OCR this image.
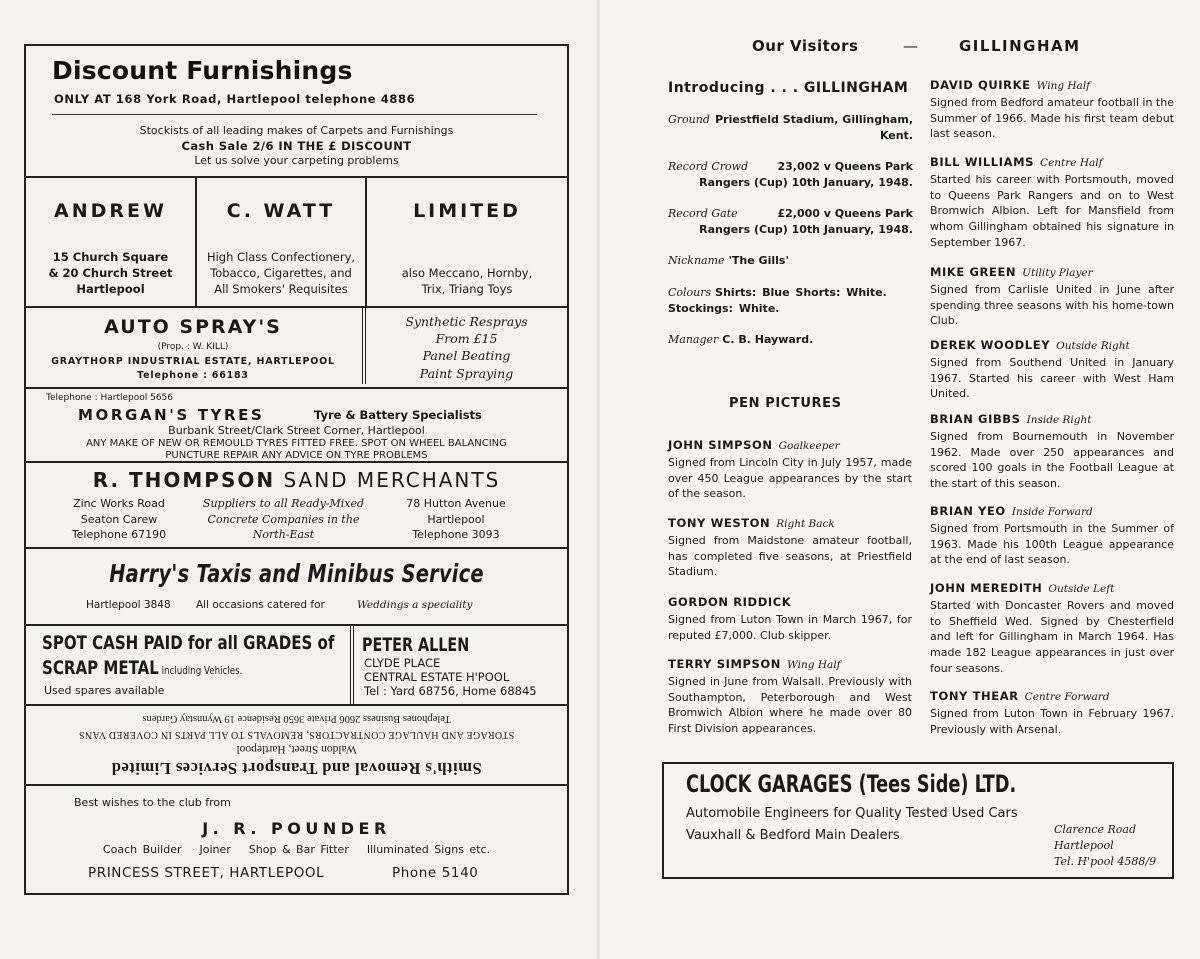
Discount Furnishings
ONLY AT 168 York Road, Hartlepool telephone 4886
Stockists of all leading makes of Carpets and Furnishings
Cash Sale 2/6 IN THE £ DISCOUNT
Let us solve your carpeting problems
ANDREW
15 Church Square
& 20 Church Street
Hartlepool
C. WATT
High Class Confectionery,
Tobacco, Cigarettes, and
All Smokers' Requisites
LIMITED
also Meccano, Hornby,
Trix, Triang Toys
AUTO SPRAY'S
(Prop. : W. KILL)
GRAYTHORP INDUSTRIAL ESTATE, HARTLEPOOL
Telephone : 66183
Synthetic Resprays
From £15
Panel Beating
Paint Spraying
Telephone : Hartlepool 5656
MORGAN'S TYRES	Tyre & Battery Specialists
Burbank Street/Clark Street Corner, Hartlepool
ANY MAKE OF NEW OR REMOULD TYRES FITTED FREE. SPOT ON WHEEL BALANCING
PUNCTURE REPAIR ANY ADVICE ON TYRE PROBLEMS
R. THOMPSON SAND MERCHANTS
Zinc Works Road
Seaton Carew
Telephone 67190
Suppliers to all Ready-Mixed
Concrete Companies in the
North-East
78 Hutton Avenue
Hartlepool
Telephone 3093
Harry's Taxis and Minibus Service
Hartlepool 3848 All occasions catered for	Weddings a speciality
SPOT CASH PAID for all GRADES of
SCRAP METAL including Vehicles.
Used spares available
PETER ALLEN
CLYDE PLACE
CENTRAL ESTATE H'POOL
Tel : Yard 68756, Home 68845
Smith's Removal and Transport Services Limited
Waldon Street, Hartlepool
STORAGE AND HAULAGE CONTRACTORS, REMOVALS TO ALL PARTS IN COVERED VANS
Telephones Business 2606 Private 3650 Residence 19 Wynnstay Gardens
Best wishes to the club from
J. R. POUNDER
Coach Builder Joiner Shop & Bar Fitter Illuminated Signs etc.
PRINCESS STREET, HARTLEPOOL	Phone 5140
Our Visitors	—	GILLINGHAM
Introducing . . . GILLINGHAM
Ground Priestfield Stadium, Gillingham, Kent.
Record Crowd	23,002 v Queens Park Rangers (Cup) 10th January, 1948.
Record Gate	£2,000 v Queens Park Rangers (Cup) 10th January, 1948.
Nickname 'The Gills'
Colours Shirts: Blue Shorts: White. Stockings: White.
Manager C. B. Hayward.
PEN PICTURES
JOHN SIMPSON Goalkeeper
Signed from Lincoln City in July 1957, made over 450 League appearances by the start of the season.
TONY WESTON Right Back
Signed from Maidstone amateur football, has completed five seasons, at Priestfield Stadium.
GORDON RIDDICK
Signed from Luton Town in March 1967, for reputed £7,000. Club skipper.
TERRY SIMPSON Wing Half
Signed in June from Walsall. Previously with Southampton, Peterborough and West Bromwich Albion where he made over 80 First Division appearances.
DAVID QUIRKE Wing Half
Signed from Bedford amateur football in the Summer of 1966. Made his first team debut last season.
BILL WILLIAMS Centre Half
Started his career with Portsmouth, moved to Queens Park Rangers and on to West Bromwich Albion. Left for Mansfield from whom Gillingham obtained his signature in September 1967.
MIKE GREEN Utility Player
Signed from Carlisle United in June after spending three seasons with his home-town Club.
DEREK WOODLEY Outside Right
Signed from Southend United in January 1967. Started his career with West Ham United.
BRIAN GIBBS Inside Right
Signed from Bournemouth in November 1962. Made over 250 appearances and scored 100 goals in the Football League at the start of this season.
BRIAN YEO Inside Forward
Signed from Portsmouth in the Summer of 1963. Made his 100th League appearance at the end of last season.
JOHN MEREDITH Outside Left
Started with Doncaster Rovers and moved to Sheffield Wed. Signed by Chesterfield and left for Gillingham in March 1964. Has made 182 League appearances in just over four seasons.
TONY THEAR Centre Forward
Signed from Luton Town in February 1967. Previously with Arsenal.
CLOCK GARAGES (Tees Side) LTD.
Automobile Engineers for Quality Tested Used Cars
Vauxhall & Bedford Main Dealers	Clarence Road
Hartlepool
Tel. H'pool 4588/9
